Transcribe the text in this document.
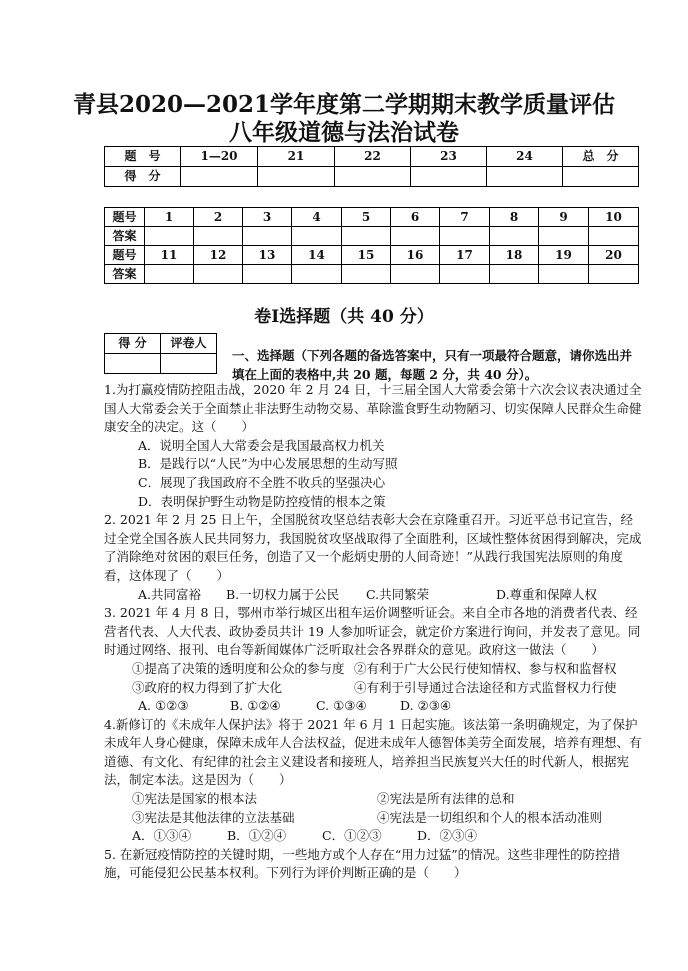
青县2020—2021学年度第二学期期末教学质量评估
八年级道德与法治试卷
题　号	1—20	21	22	23	24	总　分
得　分						
题号	1	2	3	4	5	6	7	8	9	10
答案										
题号	11	12	13	14	15	16	17	18	19	20
答案										
卷Ⅰ选择题（共 40 分）
得 分	评卷人

一、选择题（下列各题的备选答案中，只有一项最符合题意，请你选出并填在上面的表格中,共 20 题，每题 2 分，共 40 分）。

1.为打赢疫情防控阻击战，2020 年 2 月 24 日，十三届全国人大常委会第十六次会议表决通过全国人大常委会关于全面禁止非法野生动物交易、革除滥食野生动物陋习、切实保障人民群众生命健康安全的决定。这（　　）

A．说明全国人大常委会是我国最高权力机关

B．是践行以“人民”为中心发展思想的生动写照

C．展现了我国政府不全胜不收兵的坚强决心

D．表明保护野生动物是防控疫情的根本之策

2. 2021 年 2 月 25 日上午，全国脱贫攻坚总结表彰大会在京隆重召开。习近平总书记宣告，经过全党全国各族人民共同努力，我国脱贫攻坚战取得了全面胜利，区域性整体贫困得到解决，完成了消除绝对贫困的艰巨任务，创造了又一个彪炳史册的人间奇迹！”从践行我国宪法原则的角度看，这体现了（　　）

A.共同富裕	B.一切权力属于公民	C.共同繁荣	D.尊重和保障人权

3. 2021 年 4 月 8 日，鄂州市举行城区出租车运价调整听证会。来自全市各地的消费者代表、经营者代表、人大代表、政协委员共计 19 人参加听证会，就定价方案进行询问，并发表了意见。同时通过网络、报刊、电台等新闻媒体广泛听取社会各界群众的意见。政府这一做法（　　）

①提高了决策的透明度和公众的参与度 ②有利于广大公民行使知情权、参与权和监督权
③政府的权力得到了扩大化	④有利于引导通过合法途径和方式监督权力行使
A. ①②③	B. ①②④	C. ①③④	D. ②③④

4.新修订的《未成年人保护法》将于 2021 年 6 月 1 日起实施。该法第一条明确规定，为了保护未成年人身心健康，保障未成年人合法权益，促进未成年人德智体美劳全面发展，培养有理想、有道德、有文化、有纪律的社会主义建设者和接班人，培养担当民族复兴大任的时代新人，根据宪法，制定本法。这是因为（　　）

①宪法是国家的根本法	②宪法是所有法律的总和
③宪法是其他法律的立法基础	④宪法是一切组织和个人的根本活动准则
A．①③④	B．①②④	C．①②③	D．②③④

5. 在新冠疫情防控的关键时期，一些地方或个人存在“用力过猛”的情况。这些非理性的防控措施，可能侵犯公民基本权利。下列行为评价判断正确的是（　　）
